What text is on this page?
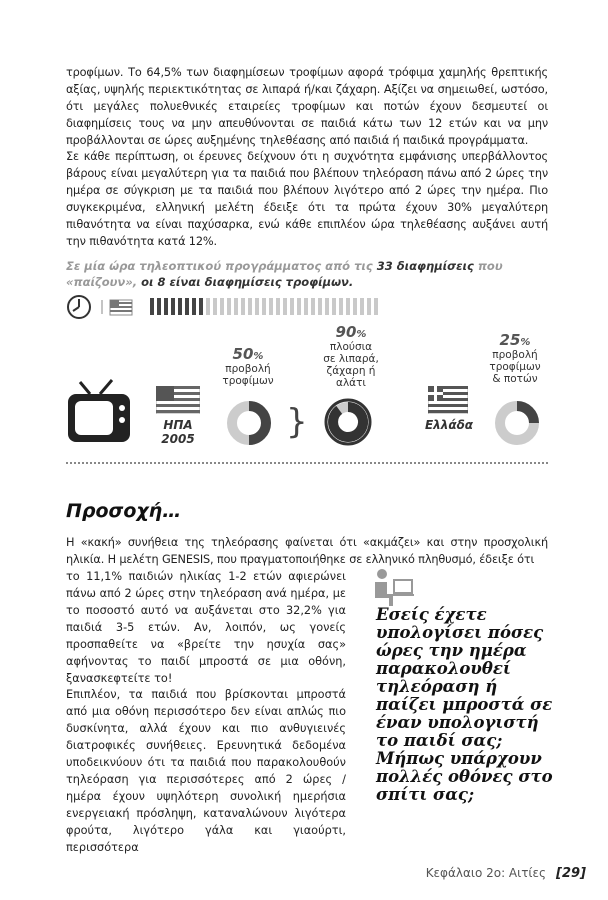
τροφίμων. Το 64,5% των διαφημίσεων τροφίμων αφορά τρόφιμα χαμηλής θρεπτικής αξίας, υψηλής περιεκτικότητας σε λιπαρά ή/και ζάχαρη. Αξίζει να σημειωθεί, ωστόσο, ότι μεγάλες πολυεθνικές εταιρείες τροφίμων και ποτών έχουν δεσμευτεί οι διαφημίσεις τους να μην απευθύνονται σε παιδιά κάτω των 12 ετών και να μην προβάλλονται σε ώρες αυξημένης τηλεθέασης από παιδιά ή παιδικά προγράμματα.

Σε κάθε περίπτωση, οι έρευνες δείχνουν ότι η συχνότητα εμφάνισης υπερβάλλοντος βάρους είναι μεγαλύτερη για τα παιδιά που βλέπουν τηλεόραση πάνω από 2 ώρες την ημέρα σε σύγκριση με τα παιδιά που βλέπουν λιγότερο από 2 ώρες την ημέρα. Πιο συγκεκριμένα, ελληνική μελέτη έδειξε ότι τα πρώτα έχουν 30% μεγαλύτερη πιθανότητα να είναι παχύσαρκα, ενώ κάθε επιπλέον ώρα τηλεθέασης αυξάνει αυτή την πιθανότητα κατά 12%.

Σε μία ώρα τηλεοπτικού προγράμματος από τις 33 διαφημίσεις που «παίζουν», οι 8 είναι διαφημίσεις τροφίμων.
ΗΠΑ
2005
50%
προβολή
τροφίμων
}
90%
πλούσια
σε λιπαρά,
ζάχαρη ή
αλάτι
Ελλάδα
25%
προβολή
τροφίμων
& ποτών
Προσοχή…

Η «κακή» συνήθεια της τηλεόρασης φαίνεται ότι «ακμάζει» και στην προσχολική ηλικία. Η μελέτη GENESIS, που πραγματοποιήθηκε σε ελληνικό πληθυσμό, έδειξε ότι

το 11,1% παιδιών ηλικίας 1-2 ετών αφιερώνει πάνω από 2 ώρες στην τηλεόραση ανά ημέρα, με το ποσοστό αυτό να αυξάνεται στο 32,2% για παιδιά 3-5 ετών. Αν, λοιπόν, ως γονείς προσπαθείτε να «βρείτε την ησυχία σας» αφήνοντας το παιδί μπροστά σε μια οθόνη, ξανασκεφτείτε το!

Επιπλέον, τα παιδιά που βρίσκονται μπροστά από μια οθόνη περισσότερο δεν είναι απλώς πιο δυσκίνητα, αλλά έχουν και πιο ανθυγιεινές διατροφικές συνήθειες. Ερευνητικά δεδομένα υποδεικνύουν ότι τα παιδιά που παρακολουθούν τηλεόραση για περισσότερες από 2 ώρες / ημέρα έχουν υψηλότερη συνολική ημερήσια ενεργειακή πρόσληψη, καταναλώνουν λιγότερα φρούτα, λιγότερο γάλα και γιαούρτι, περισσότερα

Εσείς έχετε υπολογίσει πόσες ώρες την ημέρα παρακολουθεί τηλεόραση ή παίζει μπροστά σε έναν υπολογιστή το παιδί σας; Μήπως υπάρχουν πολλές οθόνες στο σπίτι σας;
Κεφάλαιο 2ο: Αιτίες [29]
